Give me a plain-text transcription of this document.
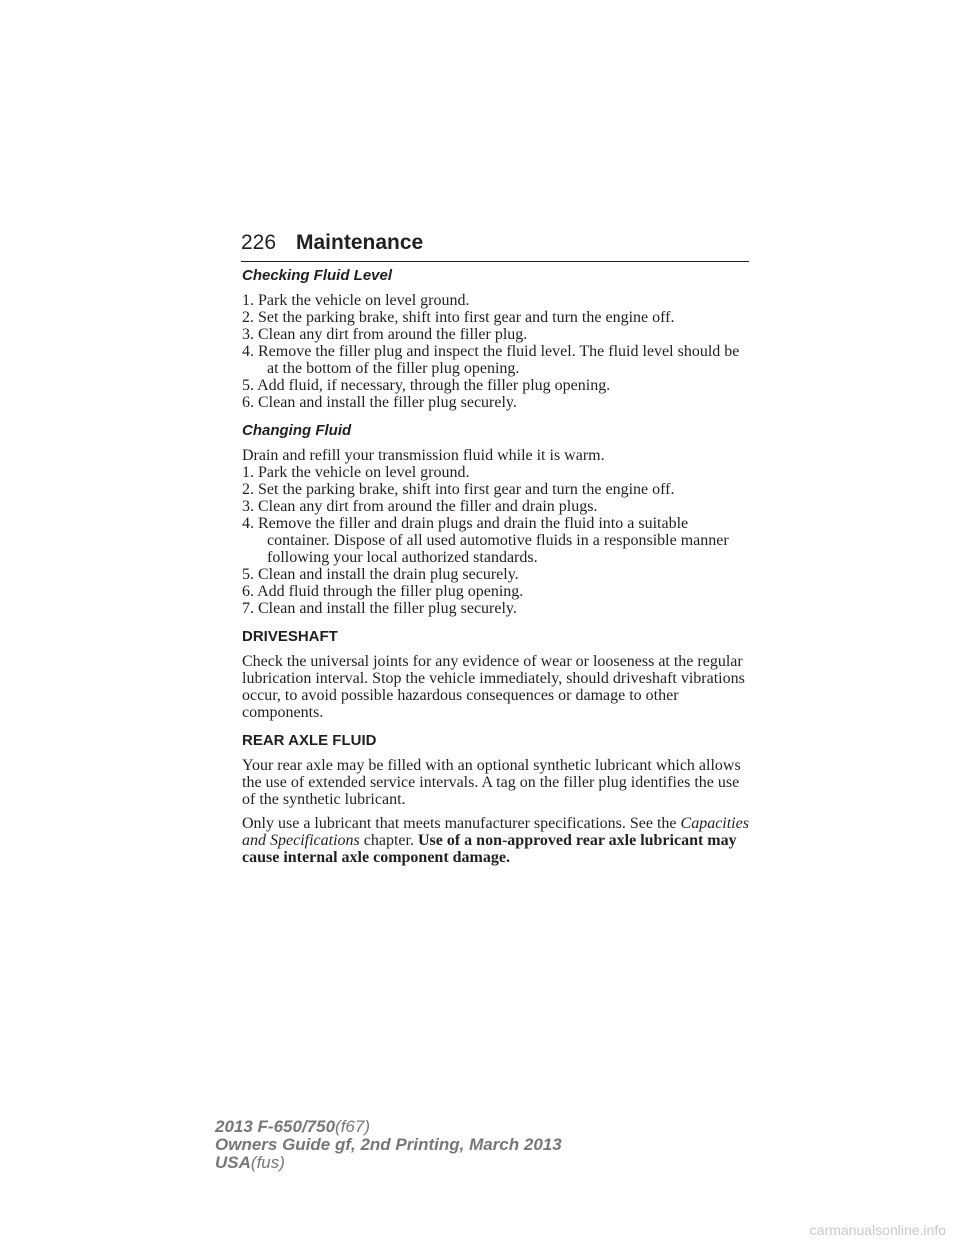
226 Maintenance
Checking Fluid Level
1. Park the vehicle on level ground.
2. Set the parking brake, shift into first gear and turn the engine off.
3. Clean any dirt from around the filler plug.
4. Remove the filler plug and inspect the fluid level. The fluid level should be at the bottom of the filler plug opening.
5. Add fluid, if necessary, through the filler plug opening.
6. Clean and install the filler plug securely.
Changing Fluid

Drain and refill your transmission fluid while it is warm.

1. Park the vehicle on level ground.
2. Set the parking brake, shift into first gear and turn the engine off.
3. Clean any dirt from around the filler and drain plugs.
4. Remove the filler and drain plugs and drain the fluid into a suitable container. Dispose of all used automotive fluids in a responsible manner following your local authorized standards.
5. Clean and install the drain plug securely.
6. Add fluid through the filler plug opening.
7. Clean and install the filler plug securely.
DRIVESHAFT

Check the universal joints for any evidence of wear or looseness at the regular lubrication interval. Stop the vehicle immediately, should driveshaft vibrations occur, to avoid possible hazardous consequences or damage to other components.

REAR AXLE FLUID

Your rear axle may be filled with an optional synthetic lubricant which allows the use of extended service intervals. A tag on the filler plug identifies the use of the synthetic lubricant.

Only use a lubricant that meets manufacturer specifications. See the Capacities and Specifications chapter. Use of a non-approved rear axle lubricant may cause internal axle component damage.

2013 F-650/750(f67)
Owners Guide gf, 2nd Printing, March 2013
USA(fus)
carmanualsonline.info
